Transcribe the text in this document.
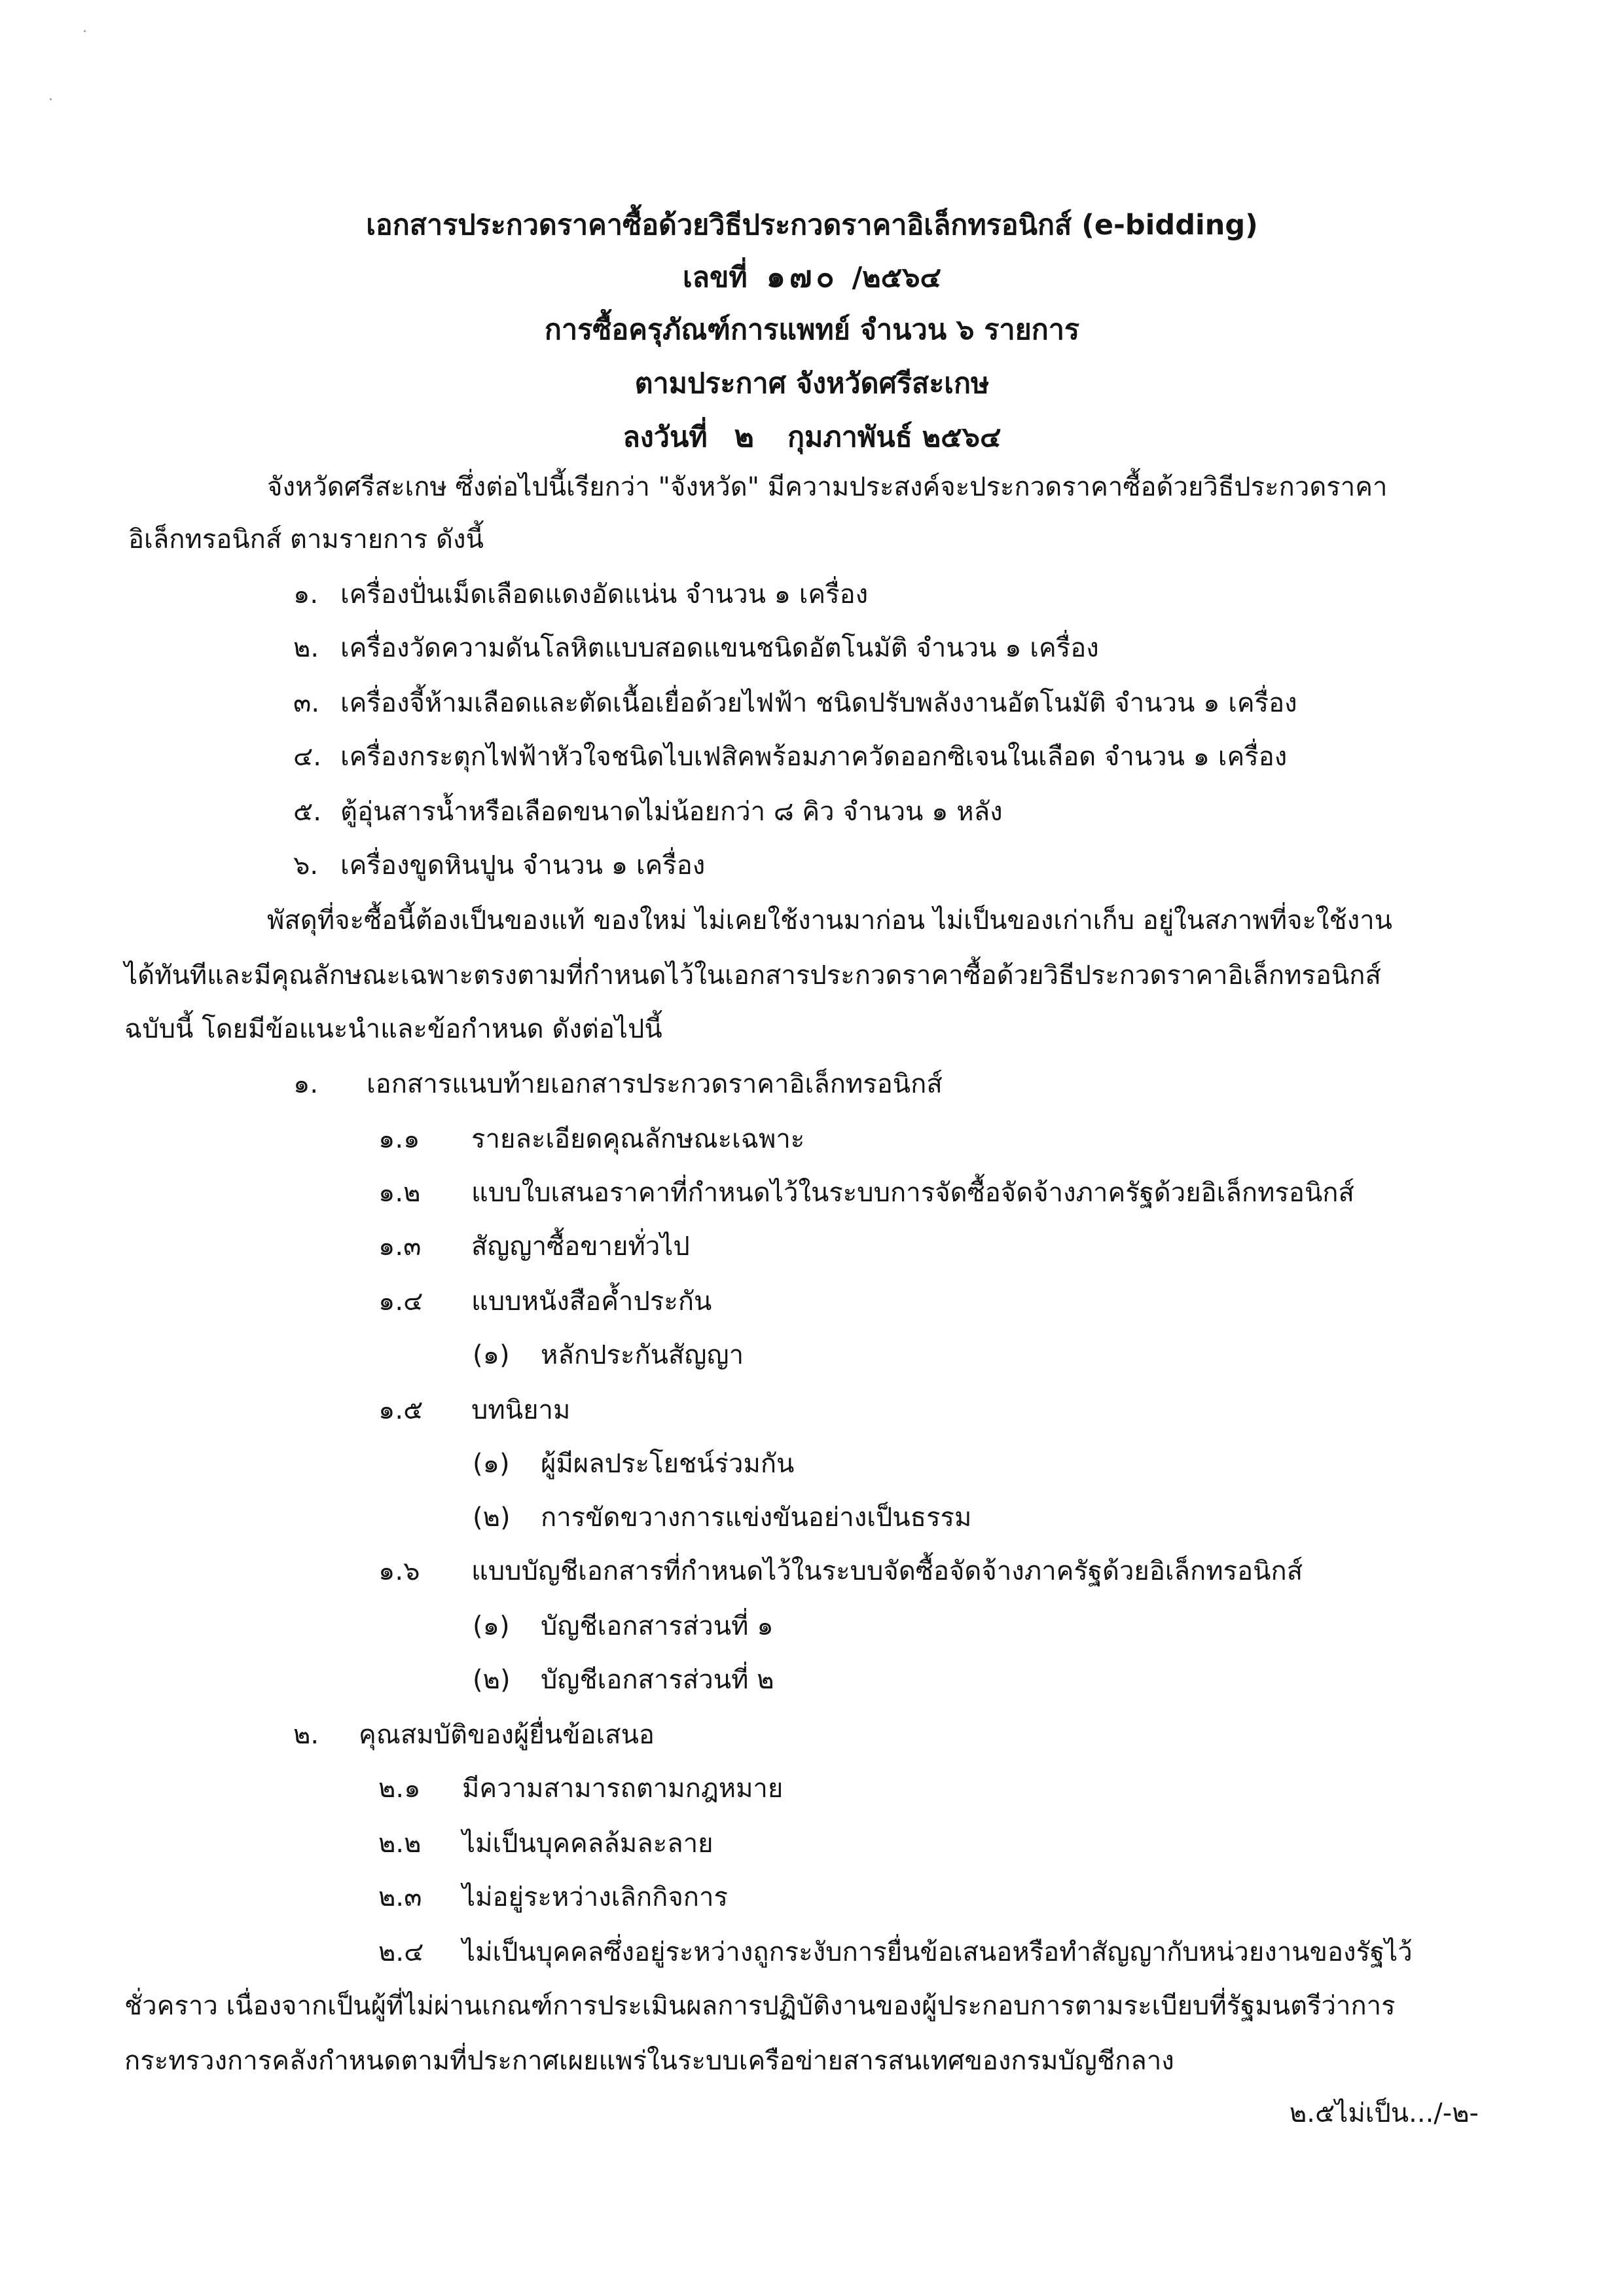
เอกสารประกวดราคาซื้อด้วยวิธีประกวดราคาอิเล็กทรอนิกส์ (e-bidding)
เลขที่ ๑๗๐ /๒๕๖๔
การซื้อครุภัณฑ์การแพทย์ จำนวน ๖ รายการ
ตามประกาศ จังหวัดศรีสะเกษ
ลงวันที่ ๒ กุมภาพันธ์ ๒๕๖๔
จังหวัดศรีสะเกษ ซึ่งต่อไปนี้เรียกว่า "จังหวัด" มีความประสงค์จะประกวดราคาซื้อด้วยวิธีประกวดราคา
อิเล็กทรอนิกส์ ตามรายการ ดังนี้
๑. เครื่องปั่นเม็ดเลือดแดงอัดแน่น จำนวน ๑ เครื่อง
๒. เครื่องวัดความดันโลหิตแบบสอดแขนชนิดอัตโนมัติ จำนวน ๑ เครื่อง
๓. เครื่องจี้ห้ามเลือดและตัดเนื้อเยื่อด้วยไฟฟ้า ชนิดปรับพลังงานอัตโนมัติ จำนวน ๑ เครื่อง
๔. เครื่องกระตุกไฟฟ้าหัวใจชนิดไบเฟสิคพร้อมภาควัดออกซิเจนในเลือด จำนวน ๑ เครื่อง
๕. ตู้อุ่นสารน้ำหรือเลือดขนาดไม่น้อยกว่า ๘ คิว จำนวน ๑ หลัง
๖. เครื่องขูดหินปูน จำนวน ๑ เครื่อง
พัสดุที่จะซื้อนี้ต้องเป็นของแท้ ของใหม่ ไม่เคยใช้งานมาก่อน ไม่เป็นของเก่าเก็บ อยู่ในสภาพที่จะใช้งาน
ได้ทันทีและมีคุณลักษณะเฉพาะตรงตามที่กำหนดไว้ในเอกสารประกวดราคาซื้อด้วยวิธีประกวดราคาอิเล็กทรอนิกส์
ฉบับนี้ โดยมีข้อแนะนำและข้อกำหนด ดังต่อไปนี้
๑. เอกสารแนบท้ายเอกสารประกวดราคาอิเล็กทรอนิกส์
๑.๑ รายละเอียดคุณลักษณะเฉพาะ
๑.๒ แบบใบเสนอราคาที่กำหนดไว้ในระบบการจัดซื้อจัดจ้างภาครัฐด้วยอิเล็กทรอนิกส์
๑.๓ สัญญาซื้อขายทั่วไป
๑.๔ แบบหนังสือค้ำประกัน
(๑) หลักประกันสัญญา
๑.๕ บทนิยาม
(๑) ผู้มีผลประโยชน์ร่วมกัน
(๒) การขัดขวางการแข่งขันอย่างเป็นธรรม
๑.๖ แบบบัญชีเอกสารที่กำหนดไว้ในระบบจัดซื้อจัดจ้างภาครัฐด้วยอิเล็กทรอนิกส์
(๑) บัญชีเอกสารส่วนที่ ๑
(๒) บัญชีเอกสารส่วนที่ ๒
๒. คุณสมบัติของผู้ยื่นข้อเสนอ
๒.๑ มีความสามารถตามกฎหมาย
๒.๒ ไม่เป็นบุคคลล้มละลาย
๒.๓ ไม่อยู่ระหว่างเลิกกิจการ
๒.๔ ไม่เป็นบุคคลซึ่งอยู่ระหว่างถูกระงับการยื่นข้อเสนอหรือทำสัญญากับหน่วยงานของรัฐไว้
ชั่วคราว เนื่องจากเป็นผู้ที่ไม่ผ่านเกณฑ์การประเมินผลการปฏิบัติงานของผู้ประกอบการตามระเบียบที่รัฐมนตรีว่าการ
กระทรวงการคลังกำหนดตามที่ประกาศเผยแพร่ในระบบเครือข่ายสารสนเทศของกรมบัญชีกลาง
๒.๕ไม่เป็น.../-๒-
